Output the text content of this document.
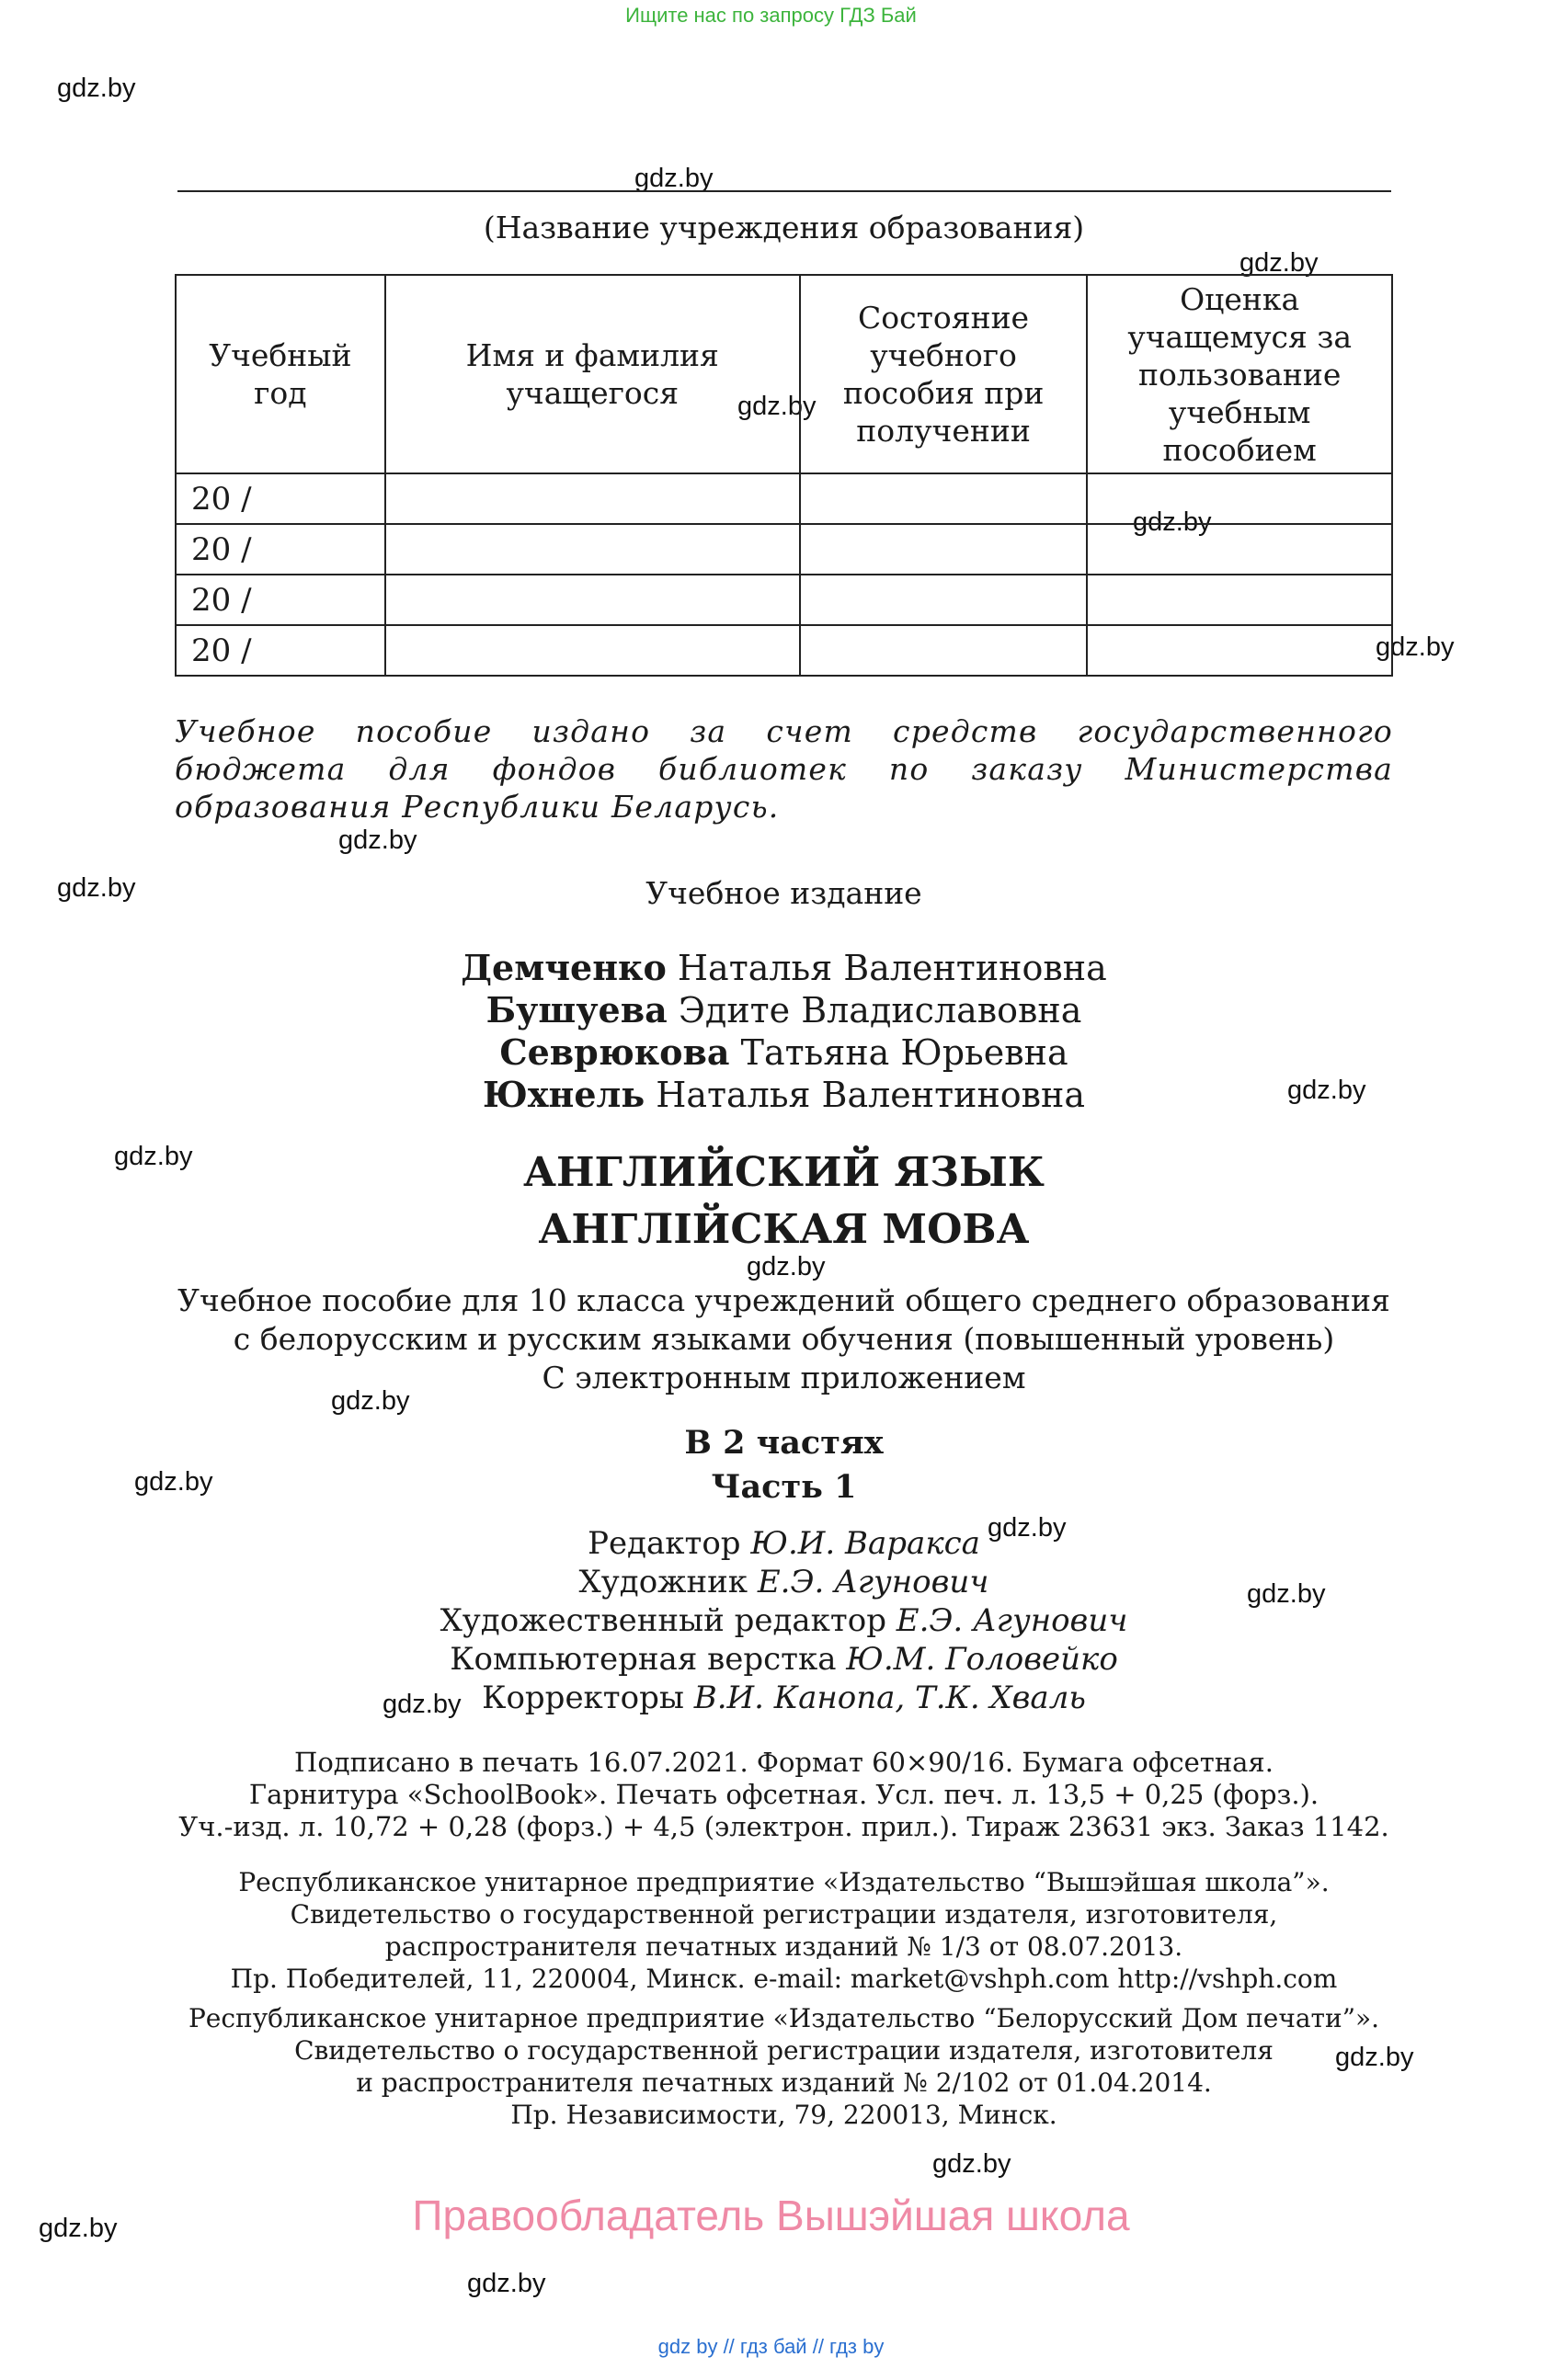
Ищите нас по запросу ГДЗ Бай
gdz.by
gdz.by
gdz.by
gdz.by
gdz.by
gdz.by
gdz.by
gdz.by
gdz.by
gdz.by
gdz.by
gdz.by
gdz.by
gdz.by
gdz.by
gdz.by
gdz.by
gdz.by
gdz.by
gdz.by
(Название учреждения образования)
Учебный год	Имя и фамилия учащегося	Состояние учебного пособия при получении	Оценка учащемуся за пользование учебным пособием
20 /			
20 /			
20 /			
20 /			
Учебное пособие издано за счет средств государственного бюджета для фондов библиотек по заказу Министерства образования Республики Беларусь.
Учебное издание
Демченко Наталья Валентиновна
Бушуева Эдите Владиславовна
Севрюкова Татьяна Юрьевна
Юхнель Наталья Валентиновна
АНГЛИЙСКИЙ ЯЗЫК
АНГЛІЙСКАЯ МОВА
Учебное пособие для 10 класса учреждений общего среднего образования
с белорусским и русским языками обучения (повышенный уровень)
С электронным приложением
В 2 частях
Часть 1
Редактор Ю.И. Варакса
Художник Е.Э. Агунович
Художественный редактор Е.Э. Агунович
Компьютерная верстка Ю.М. Головейко
Корректоры В.И. Канопа, Т.К. Хваль
Подписано в печать 16.07.2021. Формат 60×90/16. Бумага офсетная.
Гарнитура «SchoolBook». Печать офсетная. Усл. печ. л. 13,5 + 0,25 (форз.).
Уч.-изд. л. 10,72 + 0,28 (форз.) + 4,5 (электрон. прил.). Тираж 23631 экз. Заказ 1142.
Республиканское унитарное предприятие «Издательство “Вышэйшая школа”».
Свидетельство о государственной регистрации издателя, изготовителя,
распространителя печатных изданий № 1/3 от 08.07.2013.
Пр. Победителей, 11, 220004, Минск. e-mail: market@vshph.com http://vshph.com
Республиканское унитарное предприятие «Издательство “Белорусский Дом печати”».
Свидетельство о государственной регистрации издателя, изготовителя
и распространителя печатных изданий № 2/102 от 01.04.2014.
Пр. Независимости, 79, 220013, Минск.
Правообладатель Вышэйшая школа
gdz by // гдз бай // гдз by
